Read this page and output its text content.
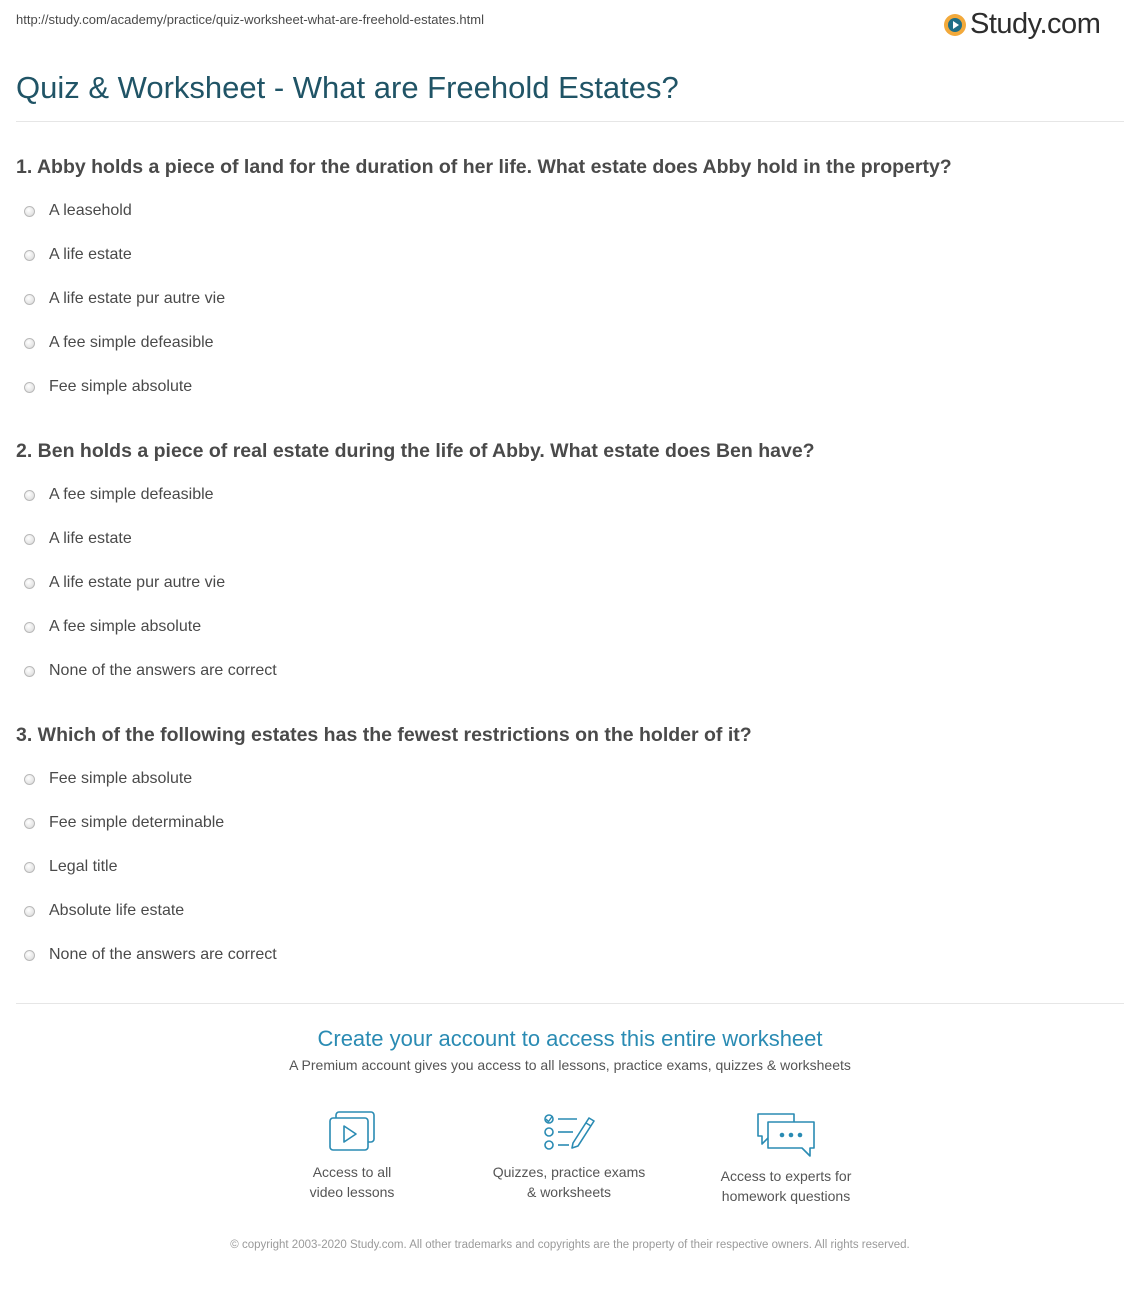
http://study.com/academy/practice/quiz-worksheet-what-are-freehold-estates.html	Study.com
Quiz & Worksheet - What are Freehold Estates?
1. Abby holds a piece of land for the duration of her life. What estate does Abby hold in the property?
A leasehold
A life estate
A life estate pur autre vie
A fee simple defeasible
Fee simple absolute
2. Ben holds a piece of real estate during the life of Abby. What estate does Ben have?
A fee simple defeasible
A life estate
A life estate pur autre vie
A fee simple absolute
None of the answers are correct
3. Which of the following estates has the fewest restrictions on the holder of it?
Fee simple absolute
Fee simple determinable
Legal title
Absolute life estate
None of the answers are correct
Create your account to access this entire worksheet
A Premium account gives you access to all lessons, practice exams, quizzes & worksheets
Access to all
video lessons
Quizzes, practice exams
& worksheets
Access to experts for
homework questions
© copyright 2003-2020 Study.com. All other trademarks and copyrights are the property of their respective owners. All rights reserved.
